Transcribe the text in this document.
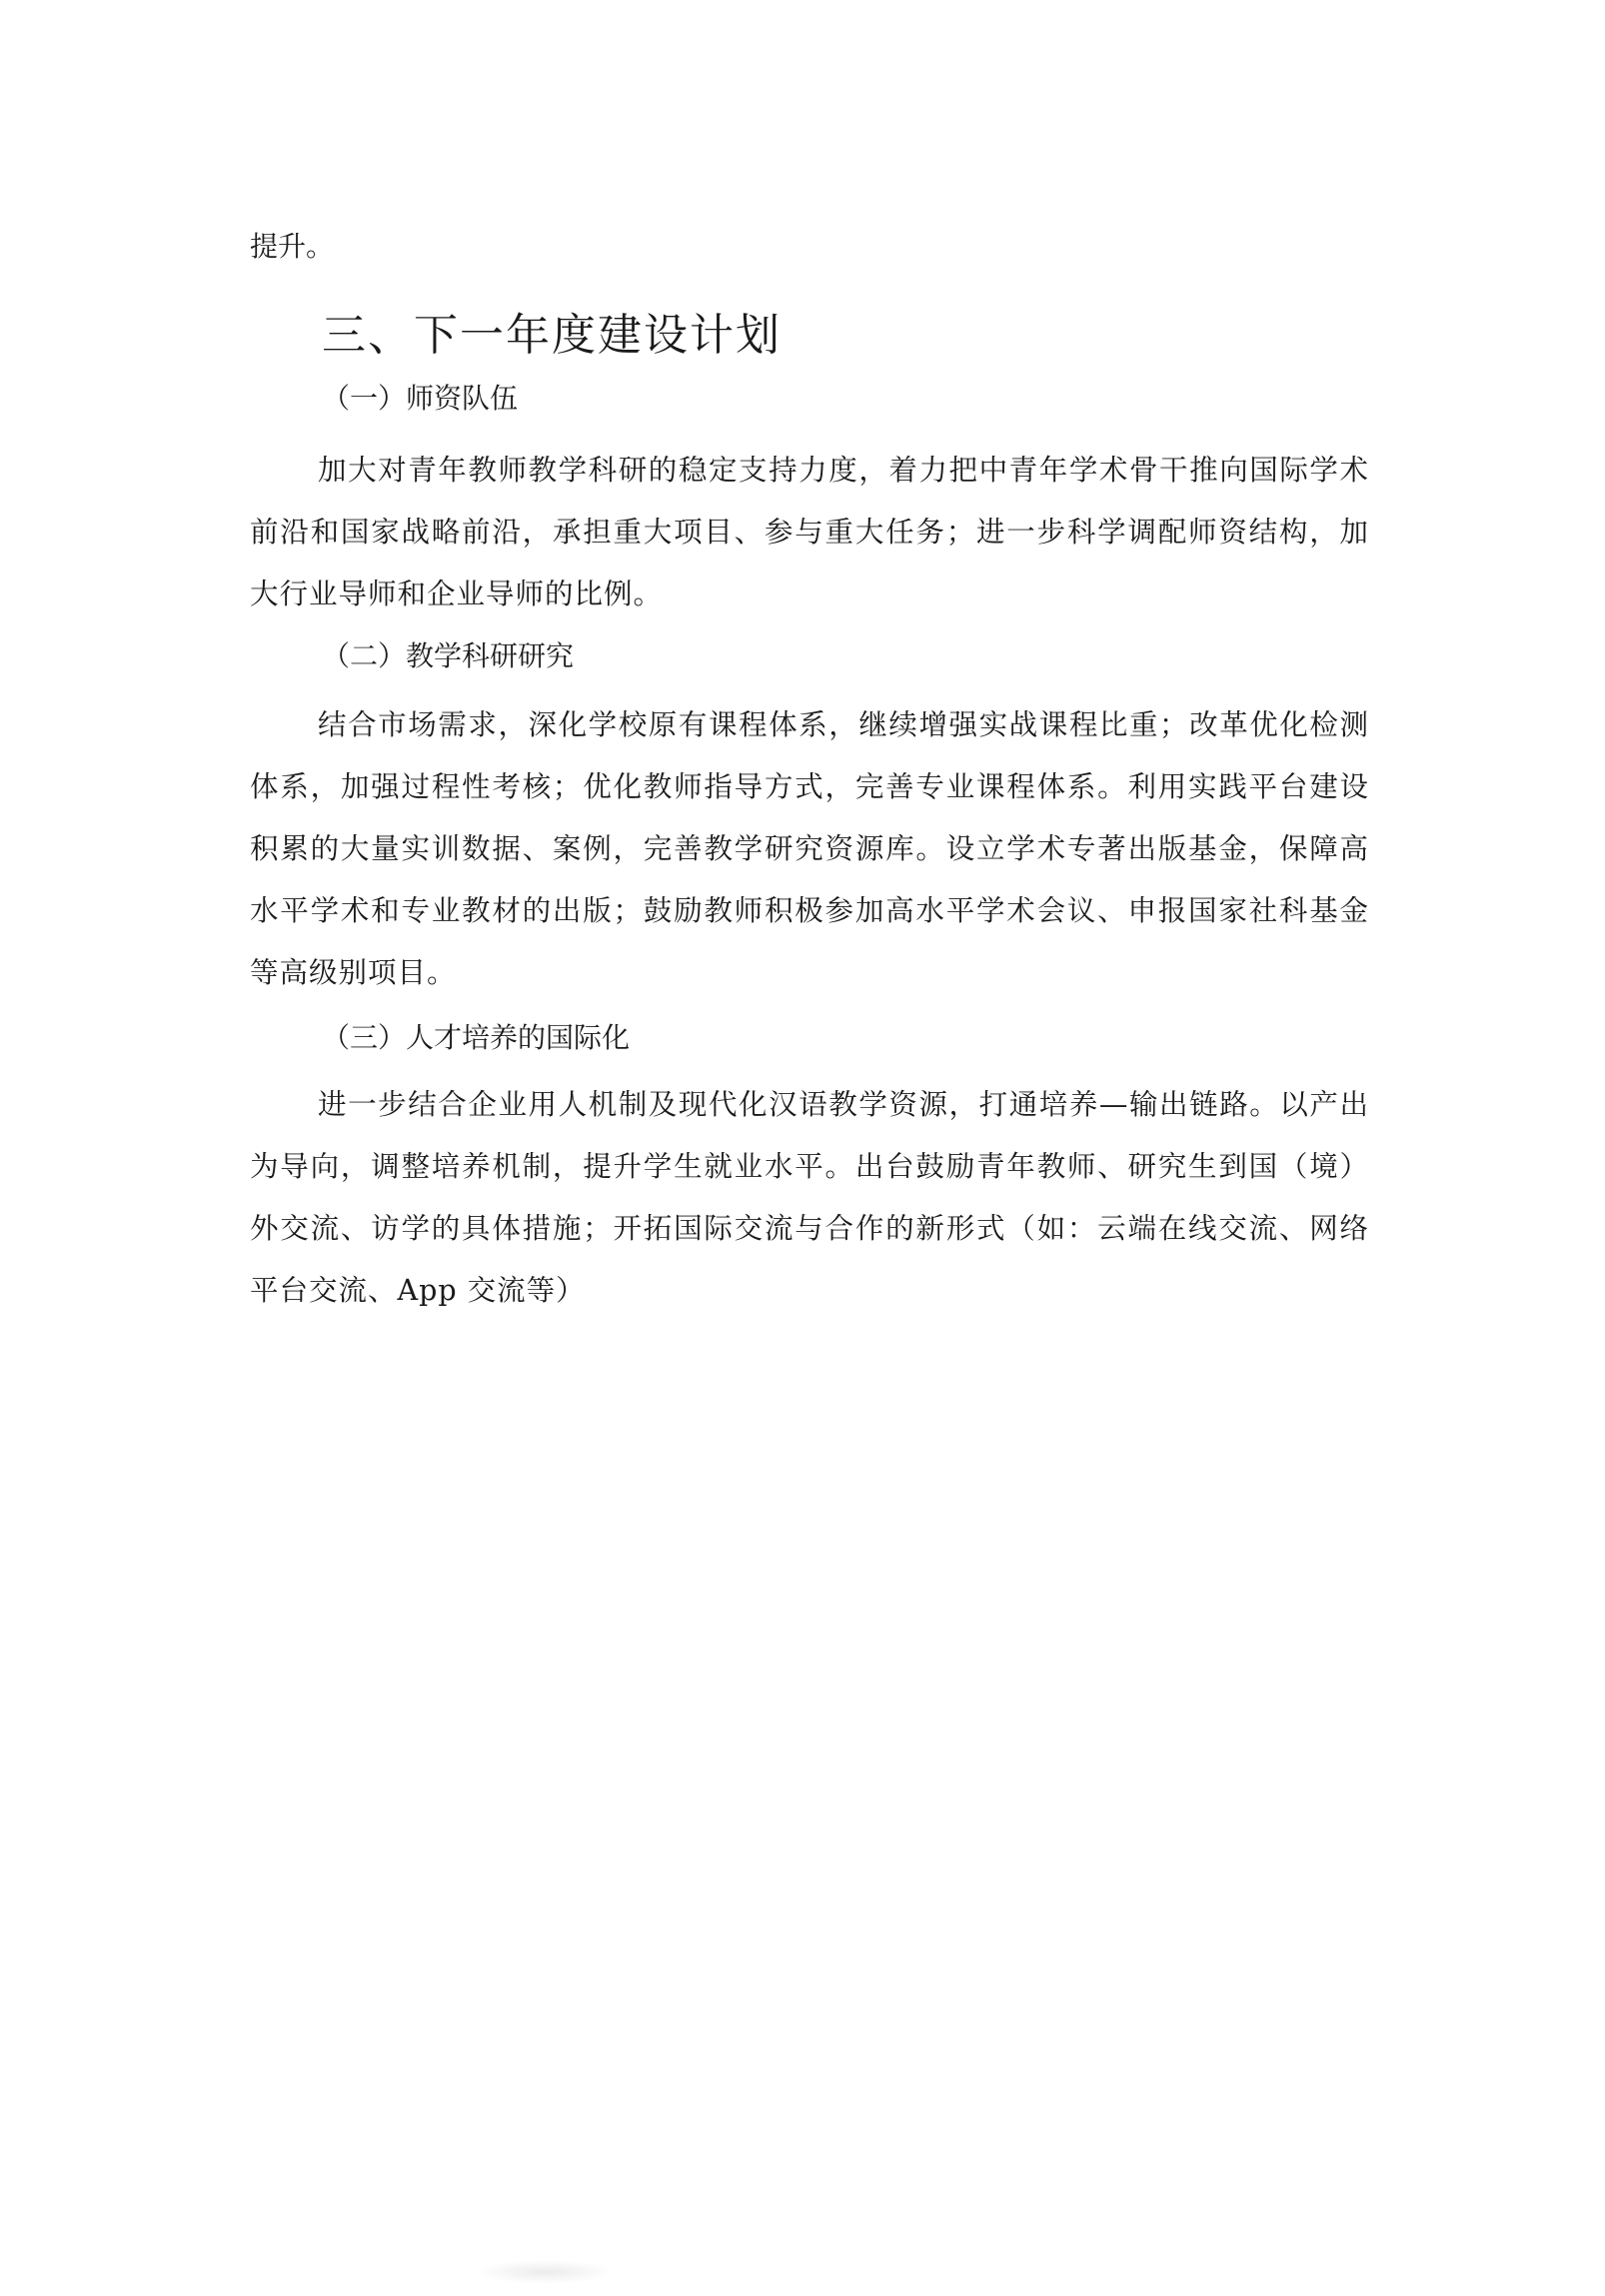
提升。

三、下一年度建设计划
（一）师资队伍

加大对青年教师教学科研的稳定支持力度，着力把中青年学术骨干推向国际学术前沿和国家战略前沿，承担重大项目、参与重大任务；进一步科学调配师资结构，加大行业导师和企业导师的比例。

（二）教学科研研究

结合市场需求，深化学校原有课程体系，继续增强实战课程比重；改革优化检测体系，加强过程性考核；优化教师指导方式，完善专业课程体系。利用实践平台建设积累的大量实训数据、案例，完善教学研究资源库。设立学术专著出版基金，保障高水平学术和专业教材的出版；鼓励教师积极参加高水平学术会议、申报国家社科基金等高级别项目。

（三）人才培养的国际化

进一步结合企业用人机制及现代化汉语教学资源，打通培养—输出链路。以产出为导向，调整培养机制，提升学生就业水平。出台鼓励青年教师、研究生到国（境）外交流、访学的具体措施；开拓国际交流与合作的新形式（如：云端在线交流、网络平台交流、App 交流等）
